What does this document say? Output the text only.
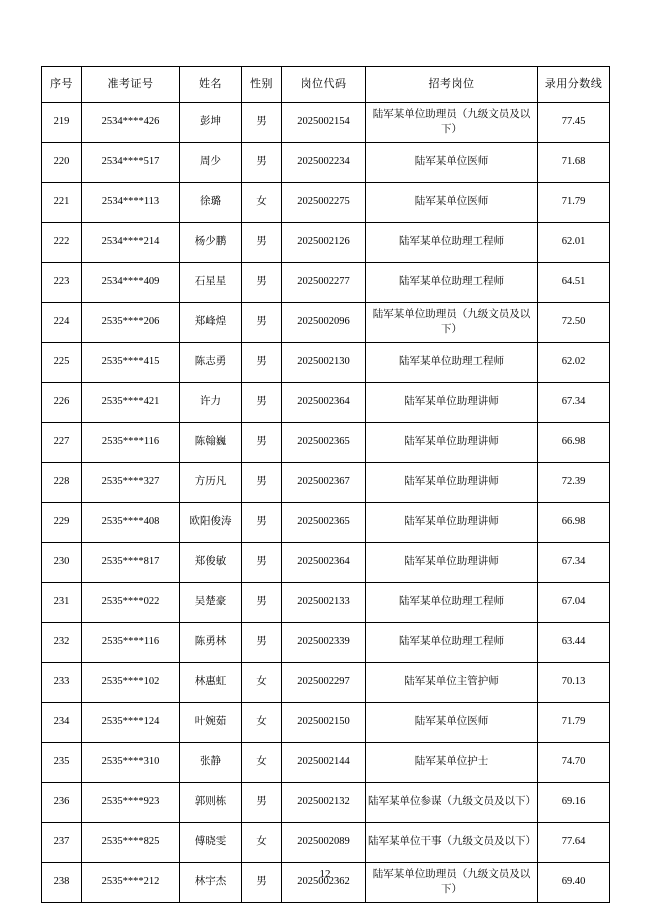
序号	准考证号	姓名	性别	岗位代码	招考岗位	录用分数线
219	2534****426	彭坤	男	2025002154	陆军某单位助理员（九级文员及以下）	77.45
220	2534****517	周少	男	2025002234	陆军某单位医师	71.68
221	2534****113	徐璐	女	2025002275	陆军某单位医师	71.79
222	2534****214	杨少鹏	男	2025002126	陆军某单位助理工程师	62.01
223	2534****409	石星星	男	2025002277	陆军某单位助理工程师	64.51
224	2535****206	郑峰煌	男	2025002096	陆军某单位助理员（九级文员及以下）	72.50
225	2535****415	陈志勇	男	2025002130	陆军某单位助理工程师	62.02
226	2535****421	许力	男	2025002364	陆军某单位助理讲师	67.34
227	2535****116	陈翰巍	男	2025002365	陆军某单位助理讲师	66.98
228	2535****327	方历凡	男	2025002367	陆军某单位助理讲师	72.39
229	2535****408	欧阳俊涛	男	2025002365	陆军某单位助理讲师	66.98
230	2535****817	郑俊敏	男	2025002364	陆军某单位助理讲师	67.34
231	2535****022	吴楚豪	男	2025002133	陆军某单位助理工程师	67.04
232	2535****116	陈勇林	男	2025002339	陆军某单位助理工程师	63.44
233	2535****102	林惠虹	女	2025002297	陆军某单位主管护师	70.13
234	2535****124	叶婉茹	女	2025002150	陆军某单位医师	71.79
235	2535****310	张静	女	2025002144	陆军某单位护士	74.70
236	2535****923	郭则栋	男	2025002132	陆军某单位参谋（九级文员及以下）	69.16
237	2535****825	傅晓雯	女	2025002089	陆军某单位干事（九级文员及以下）	77.64
238	2535****212	林宇杰	男	2025002362	陆军某单位助理员（九级文员及以下）	69.40
12
